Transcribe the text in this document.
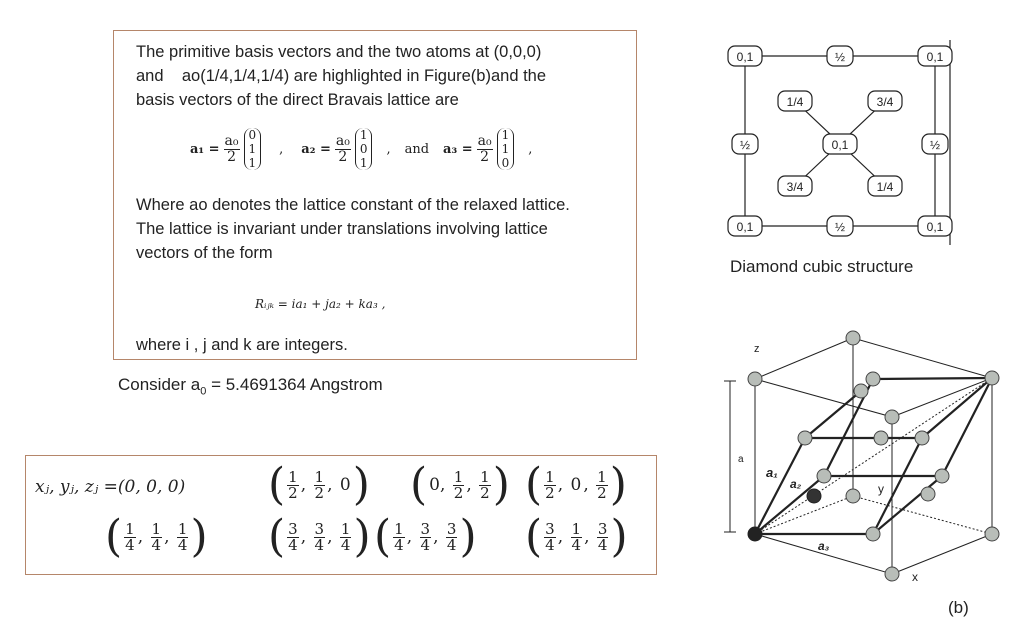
The primitive basis vectors and the two atoms at (0,0,0)
and    ao(1/4,1/4,1/4) are highlighted in Figure(b)and the
basis vectors of the direct Bravais lattice are
$a_1 = \frac{\text{a₀}}{2} 0$
1
1
, $a_2 = \frac{\text{a₀}}{2} 1$
0
1
, and $a_3 = \frac{\text{a₀}}{2} 1$
1
0
,
Where ao denotes the lattice constant of the relaxed lattice.
The lattice is invariant under translations involving lattice
vectors of the form
Rᵢⱼₖ = ia₁ + ja₂ + ka₃ ,
where i , j and k are integers.
Consider $a_0 = 5.4691364$ Angstrom
xⱼ, yⱼ, zⱼ =(0, 0, 0) ( $\frac{1}{2}$ , $\frac{1}{2}$ , 0 ) ( 0, $\frac{1}{2}$ , $\frac{1}{2}$ ) ( $\frac{1}{2}$ , 0 , $\frac{1}{2}$ )
( $\frac{1}{4}$ , $\frac{1}{4}$ , $\frac{1}{4}$ ) ( $\frac{3}{4}$ , $\frac{3}{4}$ , $\frac{1}{4}$ ) ( $\frac{1}{4}$ , $\frac{3}{4}$ , $\frac{3}{4}$ ) ( $\frac{3}{4}$ , $\frac{1}{4}$ , $\frac{3}{4}$ )
0,1	½	0,1
1/4	3/4
½	0,1	½
3/4	1/4
0,1	½	0,1
z
y
x
a
a₁
a₂
a₃
Diamond cubic structure
(b)
